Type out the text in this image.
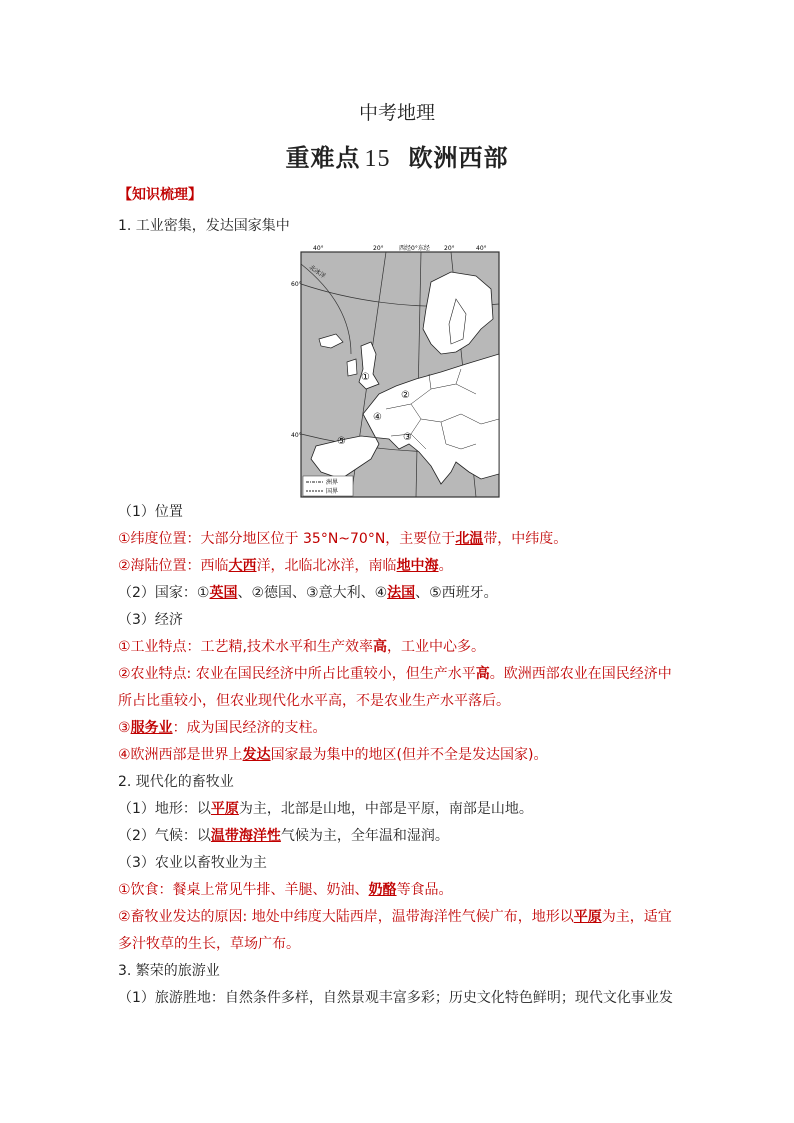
中考地理
重难点 15 欧洲西部
【知识梳理】
1. 工业密集，发达国家集中
40°	20°	西经0°东经 20°	40°
60°
40°
北冰洋
①
②
③
④
⑤
洲界
国界
（1）位置
①纬度位置：大部分地区位于 35°N~70°N，主要位于北温带，中纬度。
②海陆位置：西临大西洋，北临北冰洋，南临地中海。
（2）国家：①英国、②德国、③意大利、④法国、⑤西班牙。
（3）经济
①工业特点：工艺精,技术水平和生产效率高，工业中心多。
②农业特点: 农业在国民经济中所占比重较小，但生产水平高。欧洲西部农业在国民经济中
所占比重较小，但农业现代化水平高，不是农业生产水平落后。
③服务业：成为国民经济的支柱。
④欧洲西部是世界上发达国家最为集中的地区(但并不全是发达国家)。
2. 现代化的畜牧业
（1）地形：以平原为主，北部是山地，中部是平原，南部是山地。
（2）气候：以温带海洋性气候为主，全年温和湿润。
（3）农业以畜牧业为主
①饮食：餐桌上常见牛排、羊腿、奶油、奶酪等食品。
②畜牧业发达的原因: 地处中纬度大陆西岸，温带海洋性气候广布，地形以平原为主，适宜
多汁牧草的生长，草场广布。
3. 繁荣的旅游业
（1）旅游胜地：自然条件多样，自然景观丰富多彩；历史文化特色鲜明；现代文化事业发
